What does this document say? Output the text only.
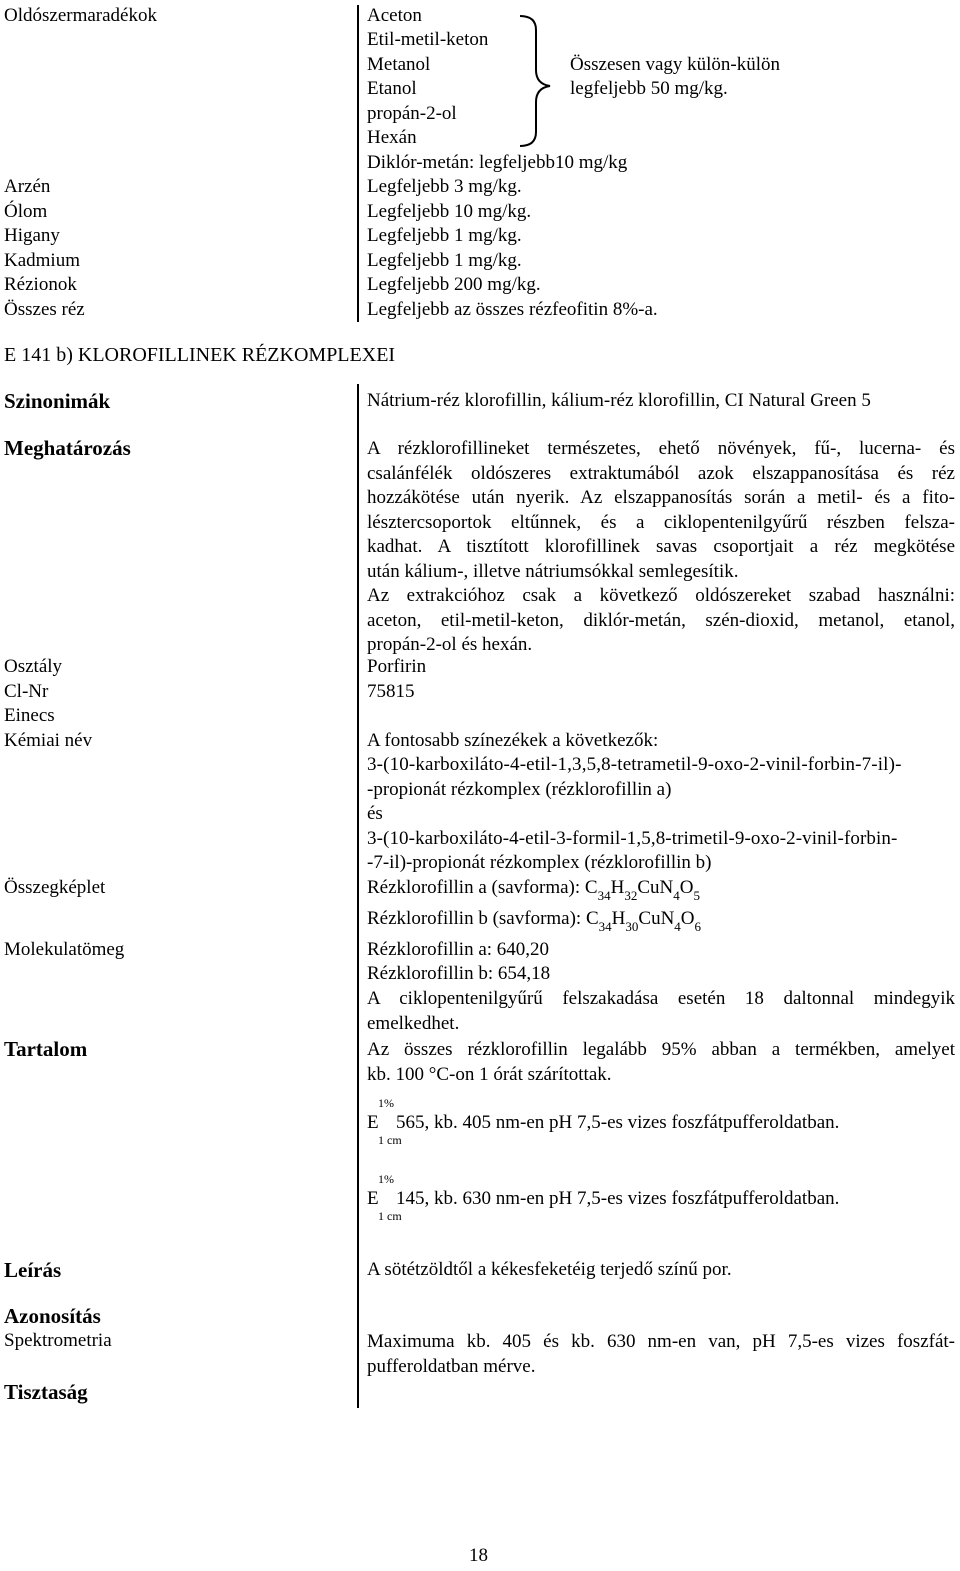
Oldószermaradékok	Aceton
Etil-metil-keton
Metanol
Etanol
propán-2-ol
Hexán
Összesen vagy külön-külön
legfeljebb 50 mg/kg.
Diklór-metán: legfeljebb10 mg/kg
Arzén	Legfeljebb 3 mg/kg.
Ólom	Legfeljebb 10 mg/kg.
Higany	Legfeljebb 1 mg/kg.
Kadmium	Legfeljebb 1 mg/kg.
Rézionok	Legfeljebb 200 mg/kg.
Összes réz	Legfeljebb az összes rézfeofitin 8%-a.
E 141 b) KLOROFILLINEK RÉZKOMPLEXEI
Szinonimák	Nátrium-réz klorofillin, kálium-réz klorofillin, CI Natural Green 5
Meghatározás	A rézklorofillineket természetes, ehető növények, fű-, lucerna- és
csalánfélék oldószeres extraktumából azok elszappanosítása és réz
hozzákötése után nyerik. Az elszappanosítás során a metil- és a fito-
lésztercsoportok eltűnnek, és a ciklopentenilgyűrű részben felsza-
kadhat. A tisztított klorofillinek savas csoportjait a réz megkötése
után kálium-, illetve nátriumsókkal semlegesítik.
Az extrakcióhoz csak a következő oldószereket szabad használni:
aceton, etil-metil-keton, diklór-metán, szén-dioxid, metanol, etanol,
propán-2-ol és hexán.
Osztály	Porfirin
Cl-Nr	75815
Einecs
Kémiai név	A fontosabb színezékek a következők:
3-(10-karboxiláto-4-etil-1,3,5,8-tetrametil-9-oxo-2-vinil-forbin-7-il)-
-propionát rézkomplex (rézklorofillin a)
és
3-(10-karboxiláto-4-etil-3-formil-1,5,8-trimetil-9-oxo-2-vinil-forbin-
-7-il)-propionát rézkomplex (rézklorofillin b)
Összegképlet	Rézklorofillin a (savforma): $C_{34}H_{32}CuN_4O_5$
Rézklorofillin b (savforma): $C_{34}H_{30}CuN_4O_6$
Molekulatömeg	Rézklorofillin a: 640,20
Rézklorofillin b: 654,18
A ciklopentenilgyűrű felszakadása esetén 18 daltonnal mindegyik
emelkedhet.
Tartalom	Az összes rézklorofillin legalább 95% abban a termékben, amelyet
kb. 100 °C-on 1 órát szárítottak.
1%
E
1 cm
565, kb. 405 nm-en pH 7,5-es vizes foszfátpufferoldatban.
1%
E
1 cm
145, kb. 630 nm-en pH 7,5-es vizes foszfátpufferoldatban.
Leírás	A sötétzöldtől a kékesfeketéig terjedő színű por.
Azonosítás
Spektrometria	Maximuma kb. 405 és kb. 630 nm-en van, pH 7,5-es vizes foszfát-
pufferoldatban mérve.
Tisztaság
18
